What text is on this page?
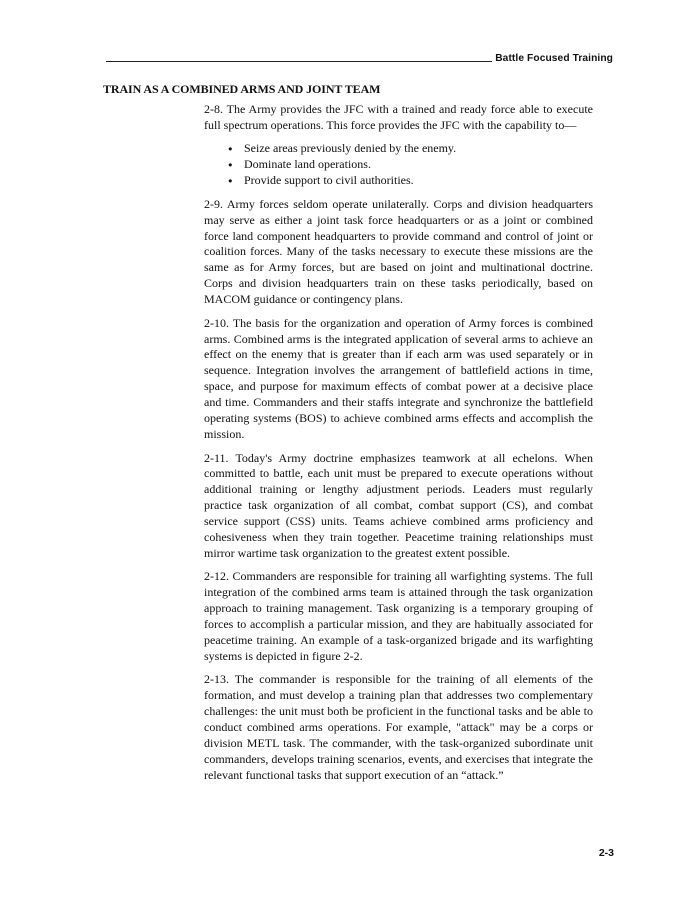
Battle Focused Training
TRAIN AS A COMBINED ARMS AND JOINT TEAM

2-8. The Army provides the JFC with a trained and ready force able to execute full spectrum operations. This force provides the JFC with the capability to—

● Seize areas previously denied by the enemy.
● Dominate land operations.
● Provide support to civil authorities.

2-9. Army forces seldom operate unilaterally. Corps and division headquarters may serve as either a joint task force headquarters or as a joint or combined force land component headquarters to provide command and control of joint or coalition forces. Many of the tasks necessary to execute these missions are the same as for Army forces, but are based on joint and multinational doctrine. Corps and division headquarters train on these tasks periodically, based on MACOM guidance or contingency plans.

2-10. The basis for the organization and operation of Army forces is combined arms. Combined arms is the integrated application of several arms to achieve an effect on the enemy that is greater than if each arm was used separately or in sequence. Integration involves the arrangement of battlefield actions in time, space, and purpose for maximum effects of combat power at a decisive place and time. Commanders and their staffs integrate and synchronize the battlefield operating systems (BOS) to achieve combined arms effects and accomplish the mission.

2-11. Today's Army doctrine emphasizes teamwork at all echelons. When committed to battle, each unit must be prepared to execute operations without additional training or lengthy adjustment periods. Leaders must regularly practice task organization of all combat, combat support (CS), and combat service support (CSS) units. Teams achieve combined arms proficiency and cohesiveness when they train together. Peacetime training relationships must mirror wartime task organization to the greatest extent possible.

2-12. Commanders are responsible for training all warfighting systems. The full integration of the combined arms team is attained through the task organization approach to training management. Task organizing is a temporary grouping of forces to accomplish a particular mission, and they are habitually associated for peacetime training. An example of a task-organized brigade and its warfighting systems is depicted in figure 2-2.

2-13. The commander is responsible for the training of all elements of the formation, and must develop a training plan that addresses two complementary challenges: the unit must both be proficient in the functional tasks and be able to conduct combined arms operations. For example, "attack" may be a corps or division METL task. The commander, with the task-organized subordinate unit commanders, develops training scenarios, events, and exercises that integrate the relevant functional tasks that support execution of an “attack.”

2-3
